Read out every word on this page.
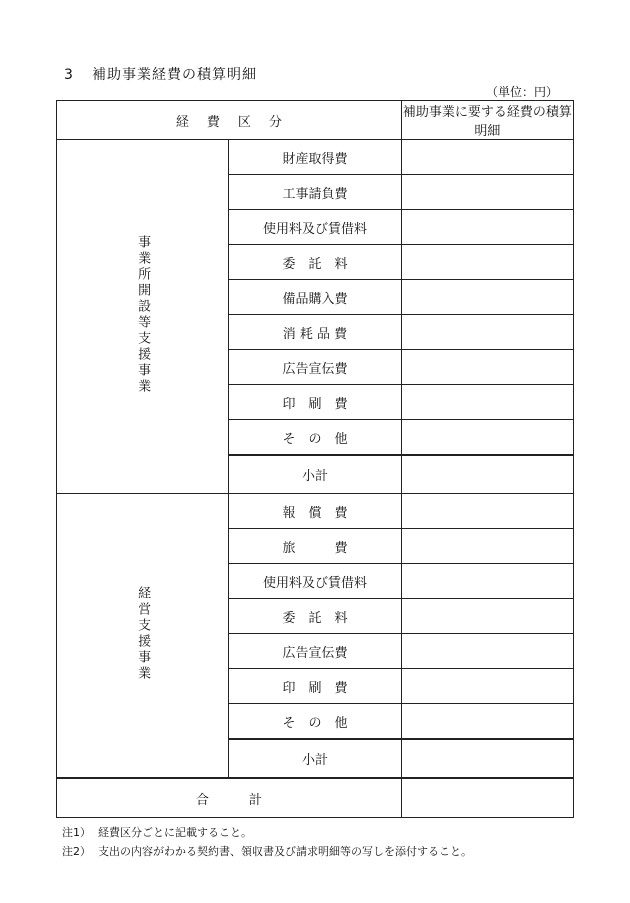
3 補助事業経費の積算明細
（単位：円）
経費区分		補助事業に要する経費の積算明細
事業所開設等支援事業	財産取得費	
	工事請負費	
	使用料及び賃借料	
	委　託　料	
	備品購入費	
	消 耗 品 費	
	広告宣伝費	
	印　刷　費	
	そ　の　他	
	小計	
経営支援事業	報　償　費	
	旅　　　費	
	使用料及び賃借料	
	委　託　料	
	広告宣伝費	
	印　刷　費	
	そ　の　他	
	小計	
合計		
注1） 経費区分ごとに記載すること。
注2） 支出の内容がわかる契約書、領収書及び請求明細等の写しを添付すること。
